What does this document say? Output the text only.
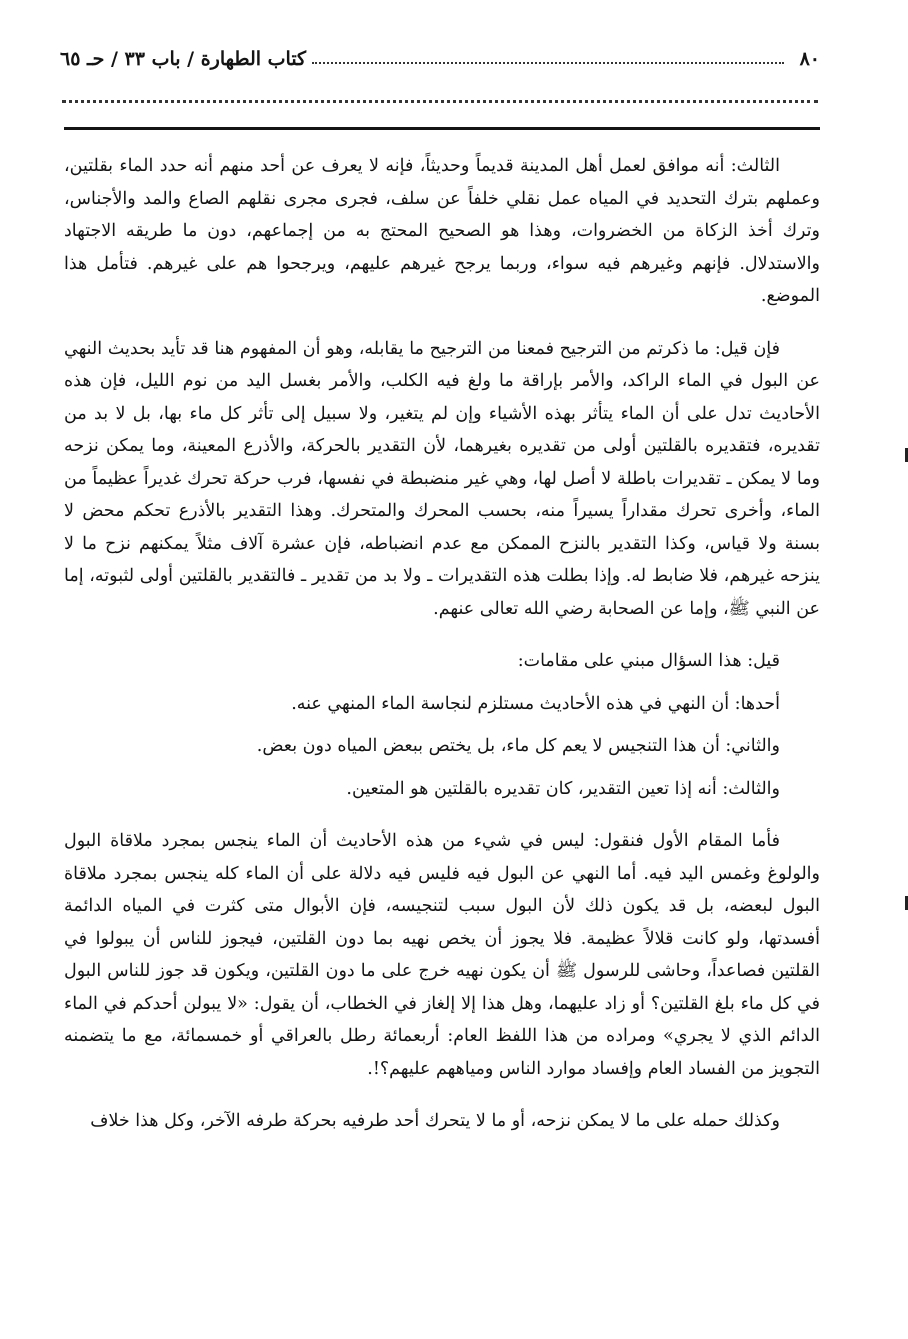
٨٠
كتاب الطهارة / باب ٣٣ / حـ ٦٥

الثالث: أنه موافق لعمل أهل المدينة قديماً وحديثاً، فإنه لا يعرف عن أحد منهم أنه حدد الماء بقلتين، وعملهم بترك التحديد في المياه عمل نقلي خلفاً عن سلف، فجرى مجرى نقلهم الصاع والمد والأجناس، وترك أخذ الزكاة من الخضروات، وهذا هو الصحيح المحتج به من إجماعهم، دون ما طريقه الاجتهاد والاستدلال. فإنهم وغيرهم فيه سواء، وربما يرجح غيرهم عليهم، ويرجحوا هم على غيرهم. فتأمل هذا الموضع.

فإن قيل: ما ذكرتم من الترجيح فمعنا من الترجيح ما يقابله، وهو أن المفهوم هنا قد تأيد بحديث النهي عن البول في الماء الراكد، والأمر بإراقة ما ولغ فيه الكلب، والأمر بغسل اليد من نوم الليل، فإن هذه الأحاديث تدل على أن الماء يتأثر بهذه الأشياء وإن لم يتغير، ولا سبيل إلى تأثر كل ماء بها، بل لا بد من تقديره، فتقديره بالقلتين أولى من تقديره بغيرهما، لأن التقدير بالحركة، والأذرع المعينة، وما يمكن نزحه وما لا يمكن ـ تقديرات باطلة لا أصل لها، وهي غير منضبطة في نفسها، فرب حركة تحرك غديراً عظيماً من الماء، وأخرى تحرك مقداراً يسيراً منه، بحسب المحرك والمتحرك. وهذا التقدير بالأذرع تحكم محض لا بسنة ولا قياس، وكذا التقدير بالنزح الممكن مع عدم انضباطه، فإن عشرة آلاف مثلاً يمكنهم نزح ما لا ينزحه غيرهم، فلا ضابط له. وإذا بطلت هذه التقديرات ـ ولا بد من تقدير ـ فالتقدير بالقلتين أولى لثبوته، إما عن النبي ﷺ، وإما عن الصحابة رضي الله تعالى عنهم.

قيل: هذا السؤال مبني على مقامات:

أحدها: أن النهي في هذه الأحاديث مستلزم لنجاسة الماء المنهي عنه.

والثاني: أن هذا التنجيس لا يعم كل ماء، بل يختص ببعض المياه دون بعض.

والثالث: أنه إذا تعين التقدير، كان تقديره بالقلتين هو المتعين.

فأما المقام الأول فنقول: ليس في شيء من هذه الأحاديث أن الماء ينجس بمجرد ملاقاة البول والولوغ وغمس اليد فيه. أما النهي عن البول فيه فليس فيه دلالة على أن الماء كله ينجس بمجرد ملاقاة البول لبعضه، بل قد يكون ذلك لأن البول سبب لتنجيسه، فإن الأبوال متى كثرت في المياه الدائمة أفسدتها، ولو كانت قلالاً عظيمة. فلا يجوز أن يخص نهيه بما دون القلتين، فيجوز للناس أن يبولوا في القلتين فصاعداً، وحاشى للرسول ﷺ أن يكون نهيه خرج على ما دون القلتين، ويكون قد جوز للناس البول في كل ماء بلغ القلتين؟ أو زاد عليهما، وهل هذا إلا إلغاز في الخطاب، أن يقول: «لا يبولن أحدكم في الماء الدائم الذي لا يجري» ومراده من هذا اللفظ العام: أربعمائة رطل بالعراقي أو خمسمائة، مع ما يتضمنه التجويز من الفساد العام وإفساد موارد الناس ومياههم عليهم؟!.

وكذلك حمله على ما لا يمكن نزحه، أو ما لا يتحرك أحد طرفيه بحركة طرفه الآخر، وكل هذا خلاف
